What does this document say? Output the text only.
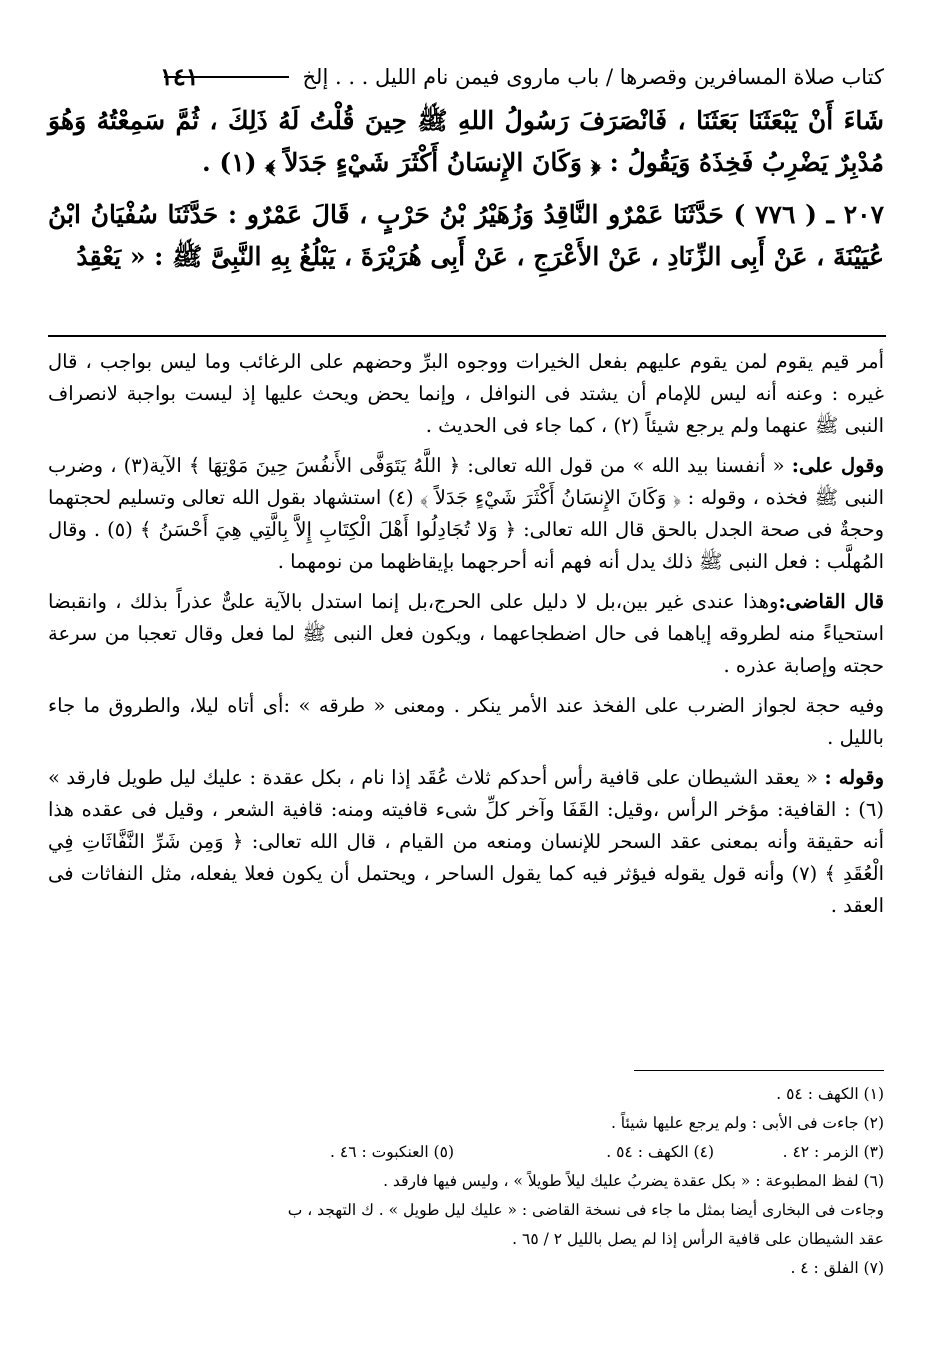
كتاب صلاة المسافرين وقصرها / باب ماروى فيمن نام الليل . . . إلخ
١٤١

شَاءَ أَنْ يَبْعَثَنَا بَعَثَنَا ، فَانْصَرَفَ رَسُولُ اللهِ ﷺ حِينَ قُلْتُ لَهُ ذَلِكَ ، ثُمَّ سَمِعْتُهُ وَهُوَ مُدْبِرٌ يَضْرِبُ فَخِذَهُ وَيَقُولُ : ﴿ وَكَانَ الإِنسَانُ أَكْثَرَ شَيْءٍ جَدَلاً ﴾ (١) .

٢٠٧ ـ ( ٧٧٦ ) حَدَّثَنَا عَمْرٌو النَّاقِدُ وَزُهَيْرُ بْنُ حَرْبٍ ، قَالَ عَمْرٌو : حَدَّثَنَا سُفْيَانُ ابْنُ عُيَيْنَةَ ، عَنْ أَبِى الزِّنَادِ ، عَنْ الأَعْرَجِ ، عَنْ أَبِى هُرَيْرَةَ ، يَبْلُغُ بِهِ النَّبِىَّ ﷺ : « يَعْقِدُ

أمر قيم يقوم لمن يقوم عليهم بفعل الخيرات ووجوه البرِّ وحضهم على الرغائب وما ليس بواجب ، قال غيره : وعنه أنه ليس للإمام أن يشتد فى النوافل ، وإنما يحض ويحث عليها إذ ليست بواجبة لانصراف النبى ﷺ عنهما ولم يرجع شيئاً (٢) ، كما جاء فى الحديث .

وقول على: « أنفسنا بيد الله » من قول الله تعالى: ﴿ اللَّهُ يَتَوَفَّى الأَنفُسَ حِينَ مَوْتِهَا ﴾ الآية(٣) ، وضرب النبى ﷺ فخذه ، وقوله : ﴿ وَكَانَ الإِنسَانُ أَكْثَرَ شَيْءٍ جَدَلاً ﴾ (٤) استشهاد بقول الله تعالى وتسليم لحجتهما وحجةٌ فى صحة الجدل بالحق قال الله تعالى: ﴿ وَلا تُجَادِلُوا أَهْلَ الْكِتَابِ إِلاَّ بِالَّتِي هِيَ أَحْسَنُ ﴾ (٥) . وقال المُهلَّب : فعل النبى ﷺ ذلك يدل أنه فهم أنه أحرجهما بإيقاظهما من نومهما .

قال القاضى:وهذا عندى غير بين،بل لا دليل على الحرج،بل إنما استدل بالآية علىٌّ عذراً بذلك ، وانقبضا استحياءً منه لطروقه إياهما فى حال اضطجاعهما ، ويكون فعل النبى ﷺ لما فعل وقال تعجبا من سرعة حجته وإصابة عذره .

وفيه حجة لجواز الضرب على الفخذ عند الأمر ينكر . ومعنى « طرقه » :أى أتاه ليلا، والطروق ما جاء بالليل .

وقوله : « يعقد الشيطان على قافية رأس أحدكم ثلاث عُقَد إذا نام ، بكل عقدة : عليك ليل طويل فارقد » (٦) : القافية: مؤخر الرأس ،وقيل: القَفَا وآخر كلِّ شىء قافيته ومنه: قافية الشعر ، وقيل فى عقده هذا أنه حقيقة وأنه بمعنى عقد السحر للإنسان ومنعه من القيام ، قال الله تعالى: ﴿ وَمِن شَرِّ النَّفَّاثَاتِ فِي الْعُقَدِ ﴾ (٧) وأنه قول يقوله فيؤثر فيه كما يقول الساحر ، ويحتمل أن يكون فعلا يفعله، مثل النفاثات فى العقد .

(١) الكهف : ٥٤ .
(٢) جاءت فى الأبى : ولم يرجع عليها شيئاً .
(٣) الزمر : ٤٢ .
(٤) الكهف : ٥٤ .
(٥) العنكبوت : ٤٦ .
(٦) لفظ المطبوعة : « بكل عقدة يضربُ عليك ليلاً طويلاً » ، وليس فيها فارقد .
وجاءت فى البخارى أيضا بمثل ما جاء فى نسخة القاضى : « عليك ليل طويل » . ك التهجد ، ب
عقد الشيطان على قافية الرأس إذا لم يصل بالليل ٢ / ٦٥ .
(٧) الفلق : ٤ .
